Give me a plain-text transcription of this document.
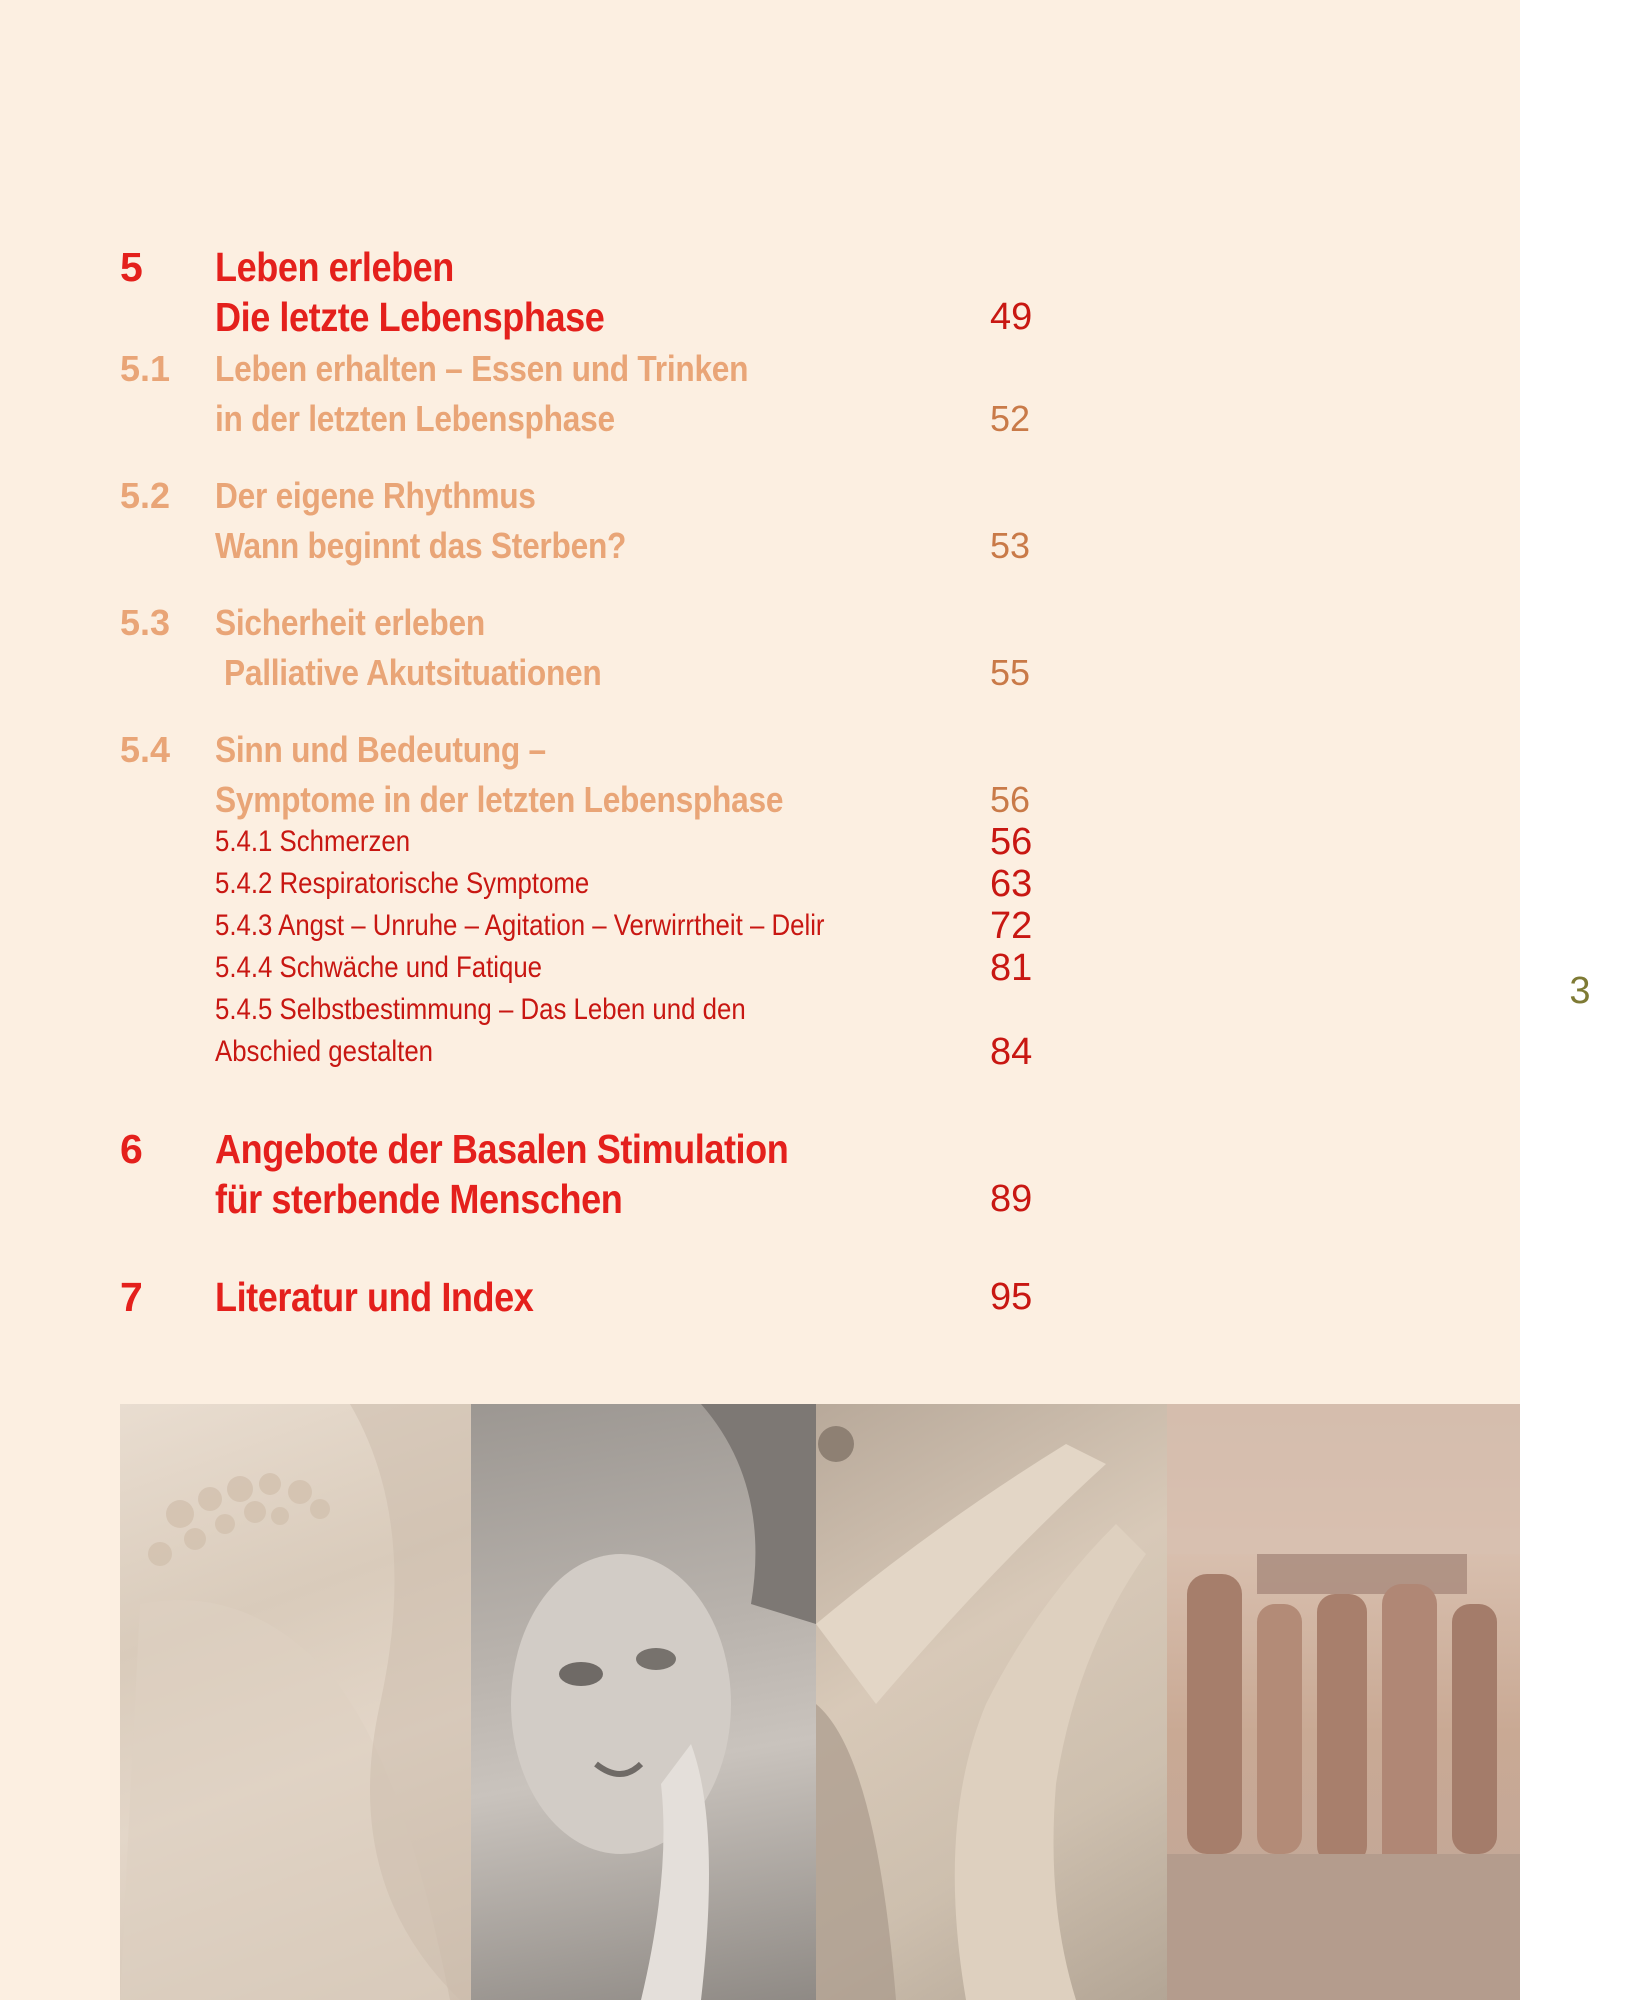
5 Leben erleben
Die letzte Lebensphase	49
5.1 Leben erhalten – Essen und Trinken
in der letzten Lebensphase	52
5.2 Der eigene Rhythmus
Wann beginnt das Sterben?	53
5.3 Sicherheit erleben
Palliative Akutsituationen	55
5.4 Sinn und Bedeutung –
Symptome in der letzten Lebensphase	56
5.4.1 Schmerzen	56
5.4.2 Respiratorische Symptome	63
5.4.3 Angst – Unruhe – Agitation – Verwirrtheit – Delir	72
5.4.4 Schwäche und Fatique	81
5.4.5 Selbstbestimmung – Das Leben und den
Abschied gestalten	84
6 Angebote der Basalen Stimulation
für sterbende Menschen	89
7 Literatur und Index	95
3
